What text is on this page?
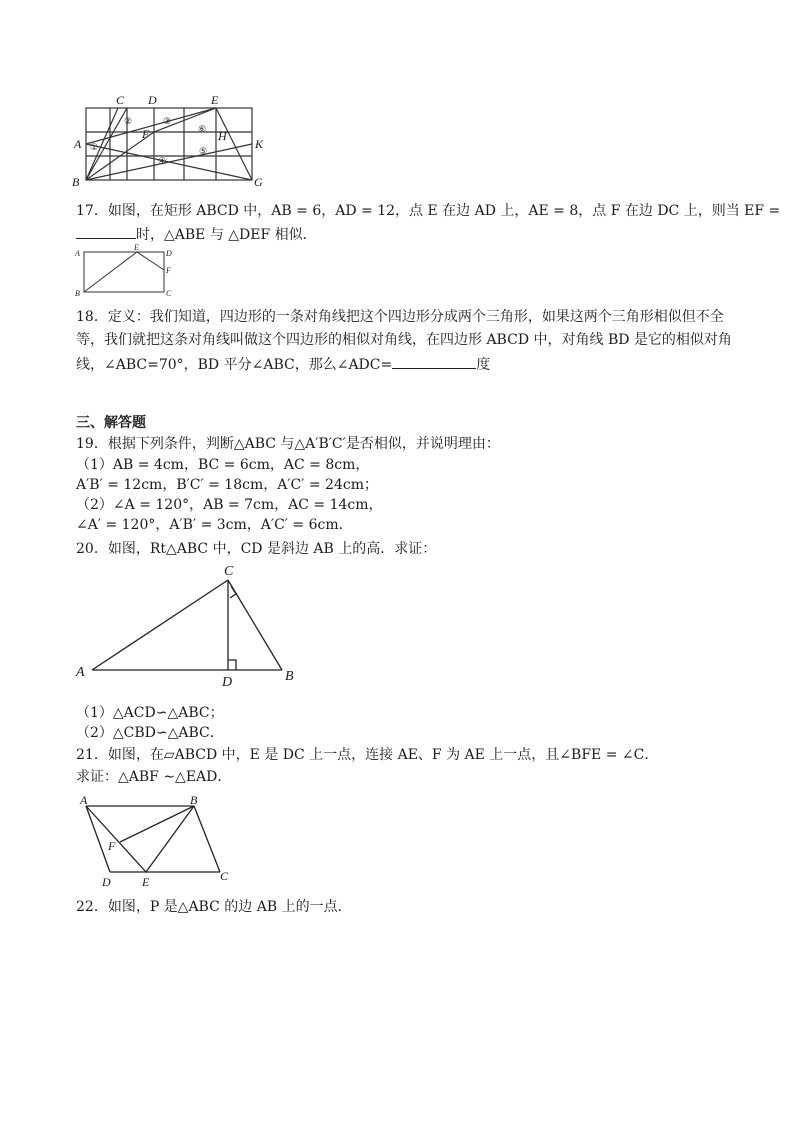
C D	E
A
F	H
K
B	G
①
②	③
⑥
④
⑤
17．如图，在矩形 ABCD 中，AB = 6，AD = 12，点 E 在边 AD 上，AE = 8，点 F 在边 DC 上，则当 EF =
时，△ABE 与 △DEF 相似．
A
E
D
F
B	C
18．定义：我们知道，四边形的一条对角线把这个四边形分成两个三角形，如果这两个三角形相似但不全
等，我们就把这条对角线叫做这个四边形的相似对角线，在四边形 ABCD 中，对角线 BD 是它的相似对角
线，∠ABC=70°，BD 平分∠ABC，那么∠ADC=	度
三、解答题
19．根据下列条件，判断△ABC 与△A′B′C′是否相似，并说明理由：
（1）AB = 4cm，BC = 6cm，AC = 8cm，
A′B′ = 12cm，B′C′ = 18cm，A′C′ = 24cm；
（2）∠A = 120°，AB = 7cm，AC = 14cm，
∠A′ = 120°，A′B′ = 3cm，A′C′ = 6cm．
20．如图，Rt△ABC 中，CD 是斜边 AB 上的高．求证：
C
A
D	B
（1）△ACD∽△ABC；
（2）△CBD∽△ABC．
21．如图，在▱ABCD 中，E 是 DC 上一点，连接 AE、F 为 AE 上一点，且∠BFE = ∠C．
求证：△ABF ∼△EAD．
A	B
F
D	E	C
22．如图，P 是△ABC 的边 AB 上的一点．
